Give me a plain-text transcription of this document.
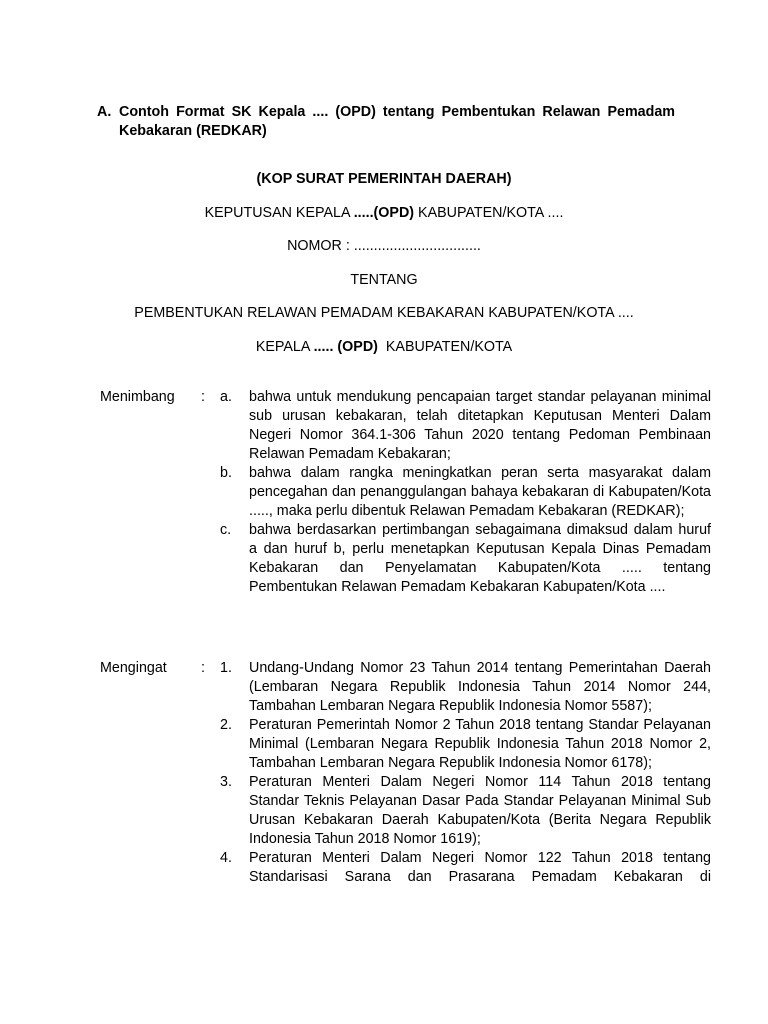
A. Contoh Format SK Kepala .... (OPD) tentang Pembentukan Relawan Pemadam Kebakaran (REDKAR)
(KOP SURAT PEMERINTAH DAERAH)
KEPUTUSAN KEPALA .....(OPD) KABUPATEN/KOTA ....
NOMOR : ................................
TENTANG
PEMBENTUKAN RELAWAN PEMADAM KEBAKARAN KABUPATEN/KOTA ....
KEPALA ..... (OPD)  KABUPATEN/KOTA
Menimbang : a. bahwa untuk mendukung pencapaian target standar pelayanan minimal sub urusan kebakaran, telah ditetapkan Keputusan Menteri Dalam Negeri Nomor 364.1-306 Tahun 2020 tentang Pedoman Pembinaan Relawan Pemadam Kebakaran;
b. bahwa dalam rangka meningkatkan peran serta masyarakat dalam pencegahan dan penanggulangan bahaya kebakaran di Kabupaten/Kota ....., maka perlu dibentuk Relawan Pemadam Kebakaran (REDKAR);
c. bahwa berdasarkan pertimbangan sebagaimana dimaksud dalam huruf a dan huruf b, perlu menetapkan Keputusan Kepala Dinas Pemadam Kebakaran dan Penyelamatan Kabupaten/Kota ..... tentang Pembentukan Relawan Pemadam Kebakaran Kabupaten/Kota ....
Mengingat : 1. Undang-Undang Nomor 23 Tahun 2014 tentang Pemerintahan Daerah (Lembaran Negara Republik Indonesia Tahun 2014 Nomor 244, Tambahan Lembaran Negara Republik Indonesia Nomor 5587);
2. Peraturan Pemerintah Nomor 2 Tahun 2018 tentang Standar Pelayanan Minimal (Lembaran Negara Republik Indonesia Tahun 2018 Nomor 2, Tambahan Lembaran Negara Republik Indonesia Nomor 6178);
3. Peraturan Menteri Dalam Negeri Nomor 114 Tahun 2018 tentang Standar Teknis Pelayanan Dasar Pada Standar Pelayanan Minimal Sub Urusan Kebakaran Daerah Kabupaten/Kota (Berita Negara Republik Indonesia Tahun 2018 Nomor 1619);
4. Peraturan Menteri Dalam Negeri Nomor 122 Tahun 2018 tentang Standarisasi Sarana dan Prasarana Pemadam Kebakaran di
